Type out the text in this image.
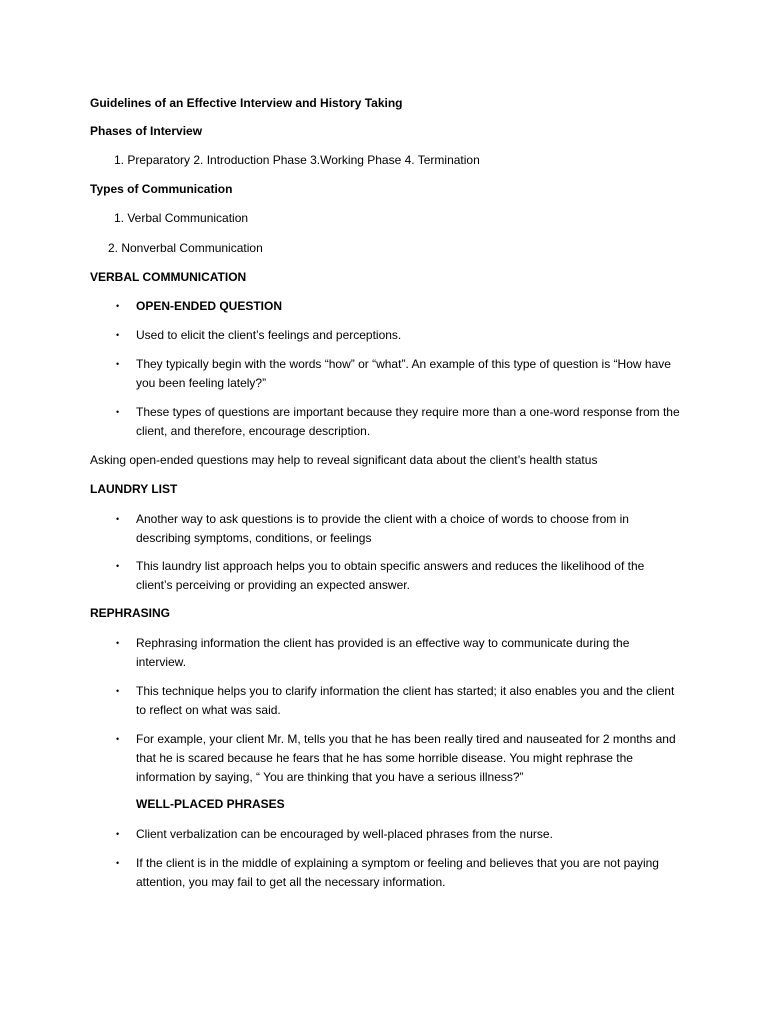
Guidelines of an Effective Interview and History Taking
Phases of Interview
1. Preparatory 2. Introduction Phase 3.Working Phase 4. Termination
Types of Communication
1. Verbal Communication
2. Nonverbal Communication
VERBAL COMMUNICATION
• OPEN-ENDED QUESTION
• Used to elicit the client’s feelings and perceptions.
• They typically begin with the words “how” or “what”. An example of this type of question is “How have you been feeling lately?”
• These types of questions are important because they require more than a one-word response from the client, and therefore, encourage description.
Asking open-ended questions may help to reveal significant data about the client’s health status
LAUNDRY LIST
• Another way to ask questions is to provide the client with a choice of words to choose from in describing symptoms, conditions, or feelings
• This laundry list approach helps you to obtain specific answers and reduces the likelihood of the client’s perceiving or providing an expected answer.
REPHRASING
• Rephrasing information the client has provided is an effective way to communicate during the interview.
• This technique helps you to clarify information the client has started; it also enables you and the client to reflect on what was said.
• For example, your client Mr. M, tells you that he has been really tired and nauseated for 2 months and that he is scared because he fears that he has some horrible disease. You might rephrase the information by saying, “ You are thinking that you have a serious illness?”
WELL-PLACED PHRASES
• Client verbalization can be encouraged by well-placed phrases from the nurse.
• If the client is in the middle of explaining a symptom or feeling and believes that you are not paying attention, you may fail to get all the necessary information.
